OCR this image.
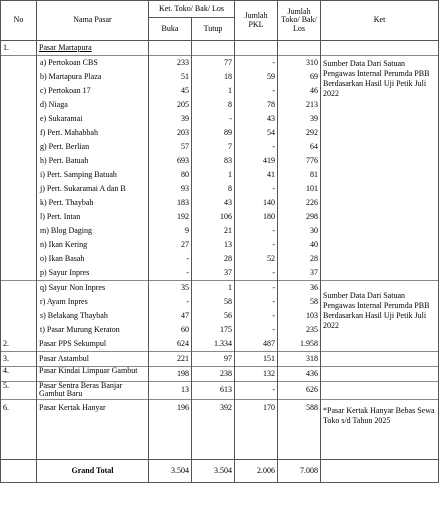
No	Nama Pasar	Ket. Toko/ Bak/ Los		Jumlah PKL	Jumlah Toko/ Bak/ Los	Ket
		Buka	Tutup			
1.	Pasar Martapura					
	a) Pertokoan CBS	233	77	-	310	Sumber Data Dari Satuan Pengawas Internal Perumda PBB Berdasarkan Hasil Uji Petik Juli 2022
	b) Martapura Plaza	51	18	59	69	
	c) Pertokoan 17	45	1	-	46	
	d) Niaga	205	8	78	213	
	e) Sukaramai	39	-	43	39	
	f) Pert. Mahabbah	203	89	54	292	
	g) Pert. Berlian	57	7	-	64	
	h) Pert. Batuah	693	83	419	776	
	i) Pert. Samping Batuah	80	1	41	81	
	j) Pert. Sukaramai A dan B	93	8	-	101	
	k) Pert. Thaybah	183	43	140	226	
	l) Pert. Intan	192	106	180	298	
	m) Blog Daging	9	21	-	30	
	n) Ikan Kering	27	13	-	40	
	o) Ikan Basah	-	28	52	28	
	p) Sayur Inpres	-	37	-	37	
	q) Sayur Non Inpres	35	1	-	36	Sumber Data Dari Satuan Pengawas Internal Perumda PBB Berdasarkan Hasil Uji Petik Juli 2022
	r) Ayam Inpres	-	58	-	58	
	s) Belakang Thaybah	47	56	-	103	
	t) Pasar Murung Keraton	60	175	-	235	
2.	Pasar PPS Sekumpul	624	1.334	487	1.958	
3.	Pasar Astambul	221	97	151	318	
4.	Pasar Kindai Limpuar Gambut	198	238	132	436	
5.	Pasar Sentra Beras Banjar Gambut Baru	13	613	-	626	
6.	Pasar Kertak Hanyar	196	392	170	588	*Pasar Kertak Hanyar Bebas Sewa Toko s/d Tahun 2025
	Grand Total	3.504	3.504	2.006	7.008	
